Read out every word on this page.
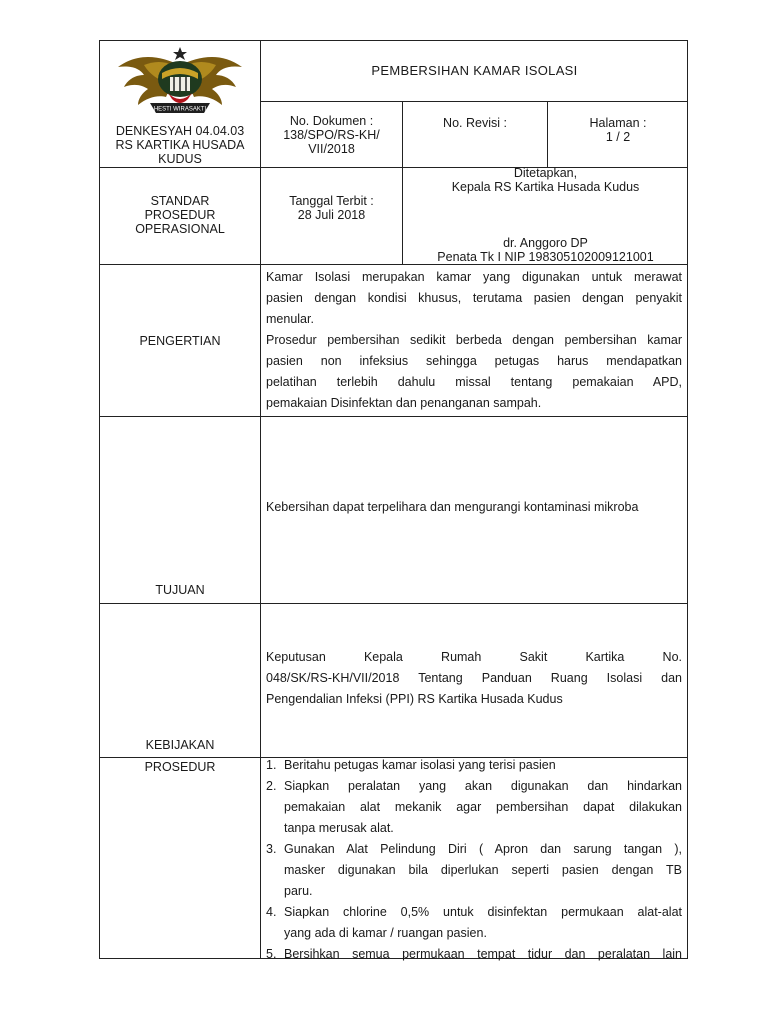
HESTI WIRASAKTI
DENKESYAH 04.04.03
RS KARTIKA HUSADA
KUDUS
PEMBERSIHAN KAMAR ISOLASI
No. Dokumen :
138/SPO/RS-KH/
VII/2018
No. Revisi :	Halaman :
1 / 2
STANDAR
PROSEDUR
OPERASIONAL
Tanggal Terbit :
28 Juli 2018
Ditetapkan,
Kepala RS Kartika Husada Kudus
dr. Anggoro DP
Penata Tk I NIP 198305102009121001
PENGERTIAN
Kamar Isolasi merupakan kamar yang digunakan untuk merawat
pasien dengan kondisi khusus, terutama pasien dengan penyakit
menular.
Prosedur pembersihan sedikit berbeda dengan pembersihan kamar
pasien non infeksius sehingga petugas harus mendapatkan
pelatihan terlebih dahulu missal tentang pemakaian APD,
pemakaian Disinfektan dan penanganan sampah.
TUJUAN
Kebersihan dapat terpelihara dan mengurangi kontaminasi mikroba
KEBIJAKAN
Keputusan Kepala Rumah Sakit Kartika No.
048/SK/RS-KH/VII/2018 Tentang Panduan Ruang Isolasi dan
Pengendalian Infeksi (PPI) RS Kartika Husada Kudus
PROSEDUR	1. Beritahu petugas kamar isolasi yang terisi pasien
2. Siapkan peralatan yang akan digunakan dan hindarkan
pemakaian alat mekanik agar pembersihan dapat dilakukan
tanpa merusak alat.
3. Gunakan Alat Pelindung Diri ( Apron dan sarung tangan ),
masker digunakan bila diperlukan seperti pasien dengan TB
paru.
4. Siapkan chlorine 0,5% untuk disinfektan permukaan alat-alat
yang ada di kamar / ruangan pasien.
5. Bersihkan semua permukaan tempat tidur dan peralatan lain
